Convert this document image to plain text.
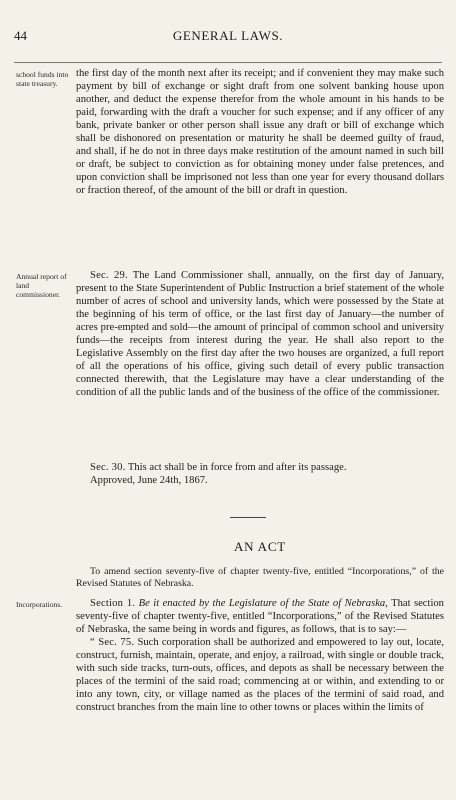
44	GENERAL LAWS.
school funds into state treasury.

the first day of the month next after its receipt; and if convenient they may make such payment by bill of exchange or sight draft from one solvent banking house upon another, and deduct the expense therefor from the whole amount in his hands to be paid, forwarding with the draft a voucher for such expense; and if any officer of any bank, private banker or other person shall issue any draft or bill of exchange which shall be dishonored on presentation or maturity he shall be deemed guilty of fraud, and shall, if he do not in three days make restitution of the amount named in such bill or draft, be subject to conviction as for obtaining money under false pretences, and upon conviction shall be imprisoned not less than one year for every thousand dollars or fraction thereof, of the amount of the bill or draft in question.

Annual report of land commissioner.

Sec. 29. The Land Commissioner shall, annually, on the first day of January, present to the State Superintendent of Public Instruction a brief statement of the whole number of acres of school and university lands, which were possessed by the State at the beginning of his term of office, or the last first day of January—the number of acres pre-empted and sold—the amount of principal of common school and university funds—the receipts from interest during the year. He shall also report to the Legislative Assembly on the first day after the two houses are organized, a full report of all the operations of his office, giving such detail of every public transaction connected therewith, that the Legislature may have a clear understanding of the condition of all the public lands and of the business of the office of the commissioner.

Sec. 30. This act shall be in force from and after its passage.

Approved, June 24th, 1867.

AN ACT
To amend section seventy-five of chapter twenty-five, entitled “Incorporations,” of the Revised Statutes of Nebraska.
Incorporations.	Section 1. Be it enacted by the Legislature of the State of Nebraska, That section seventy-five of chapter twenty-five, entitled “Incorporations,” of the Revised Statutes of Nebraska, the same being in words and figures, as follows, that is to say:—

“ Sec. 75. Such corporation shall be authorized and empowered to lay out, locate, construct, furnish, maintain, operate, and enjoy, a railroad, with single or double track, with such side tracks, turn-outs, offices, and depots as shall be necessary between the places of the termini of the said road; commencing at or within, and extending to or into any town, city, or village named as the places of the termini of said road, and construct branches from the main line to other towns or places within the limits of
